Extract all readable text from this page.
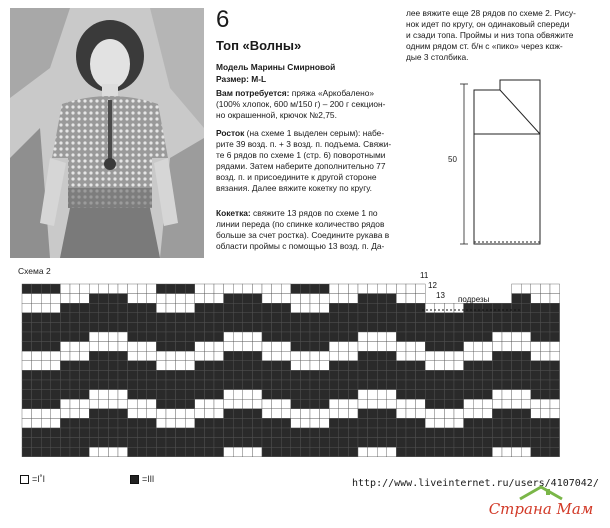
6
Топ «Волны»
Модель Марины Смирновой
Размер: M-L
Вам потребуется: пряжа «Аркобалено»
(100% хлопок, 600 м/150 г) – 200 г секцион-
но окрашенной, крючок №2,75.
Росток (на схеме 1 выделен серым): набе-
рите 39 возд. п. + 3 возд. п. подъема. Свяжи-
те 6 рядов по схеме 1 (стр. 6) поворотными
рядами. Затем наберите дополнительно 77
возд. п. и присоедините к другой стороне
вязания. Далее вяжите кокетку по кругу.
Кокетка: свяжите 13 рядов по схеме 1 по
линии переда (по спинке количество рядов
больше за счет ростка). Соедините рукава в
области проймы с помощью 13 возд. п. Да-
лее вяжите еще 28 рядов по схеме 2. Рису-
нок идет по кругу, он одинаковый спереди
и сзади топа. Проймы и низ топа обвяжите
одним рядом ст. б/н с «пико» через καж-
дые 3 столбика.
50
Схема 2	11
12
13 подрезы
=ǀ˚ǀ	=ǀǀǀ	http://www.liveinternet.ru/users/4107042/
Страна Мам
